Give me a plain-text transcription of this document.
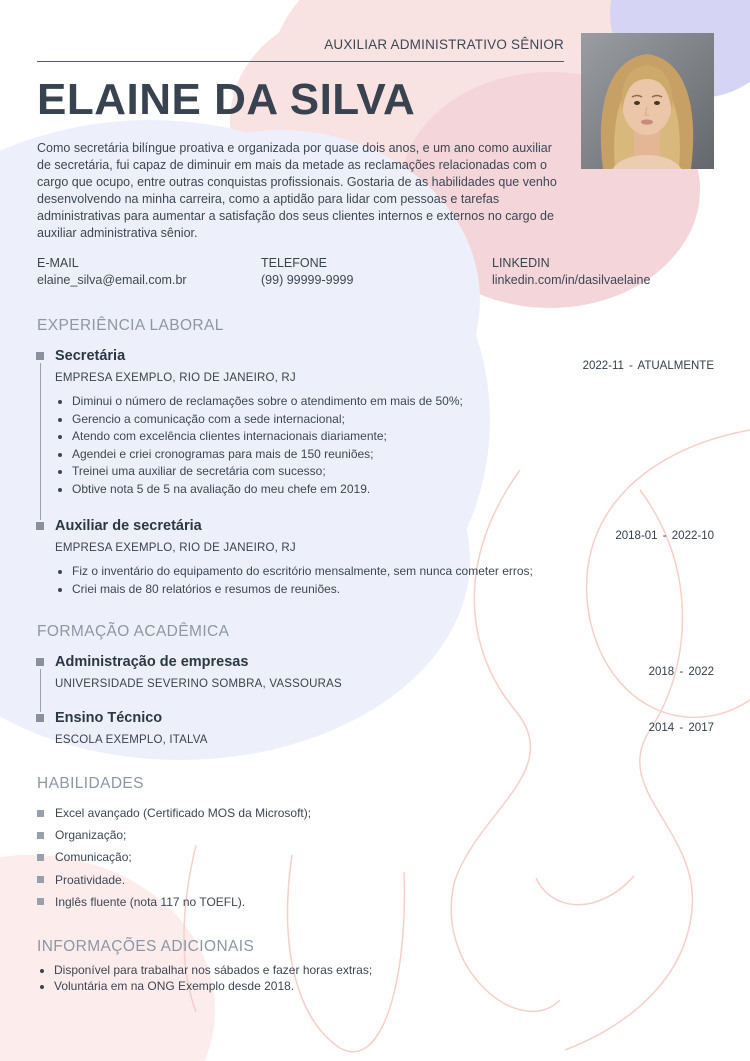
AUXILIAR ADMINISTRATIVO SÊNIOR
ELAINE DA SILVA

Como secretária bilíngue proativa e organizada por quase dois anos, e um ano como auxiliar de secretária, fui capaz de diminuir em mais da metade as reclamações relacionadas com o cargo que ocupo, entre outras conquistas profissionais. Gostaria de as habilidades que venho desenvolvendo na minha carreira, como a aptidão para lidar com pessoas e tarefas administrativas para aumentar a satisfação dos seus clientes internos e externos no cargo de auxiliar administrativa sênior.

E-MAIL
elaine_silva@email.com.br
TELEFONE
(99) 99999-9999
LINKEDIN
linkedin.com/in/dasilvaelaine
EXPERIÊNCIA LABORAL
Secretária
EMPRESA EXEMPLO, RIO DE JANEIRO, RJ
2022-11 - ATUALMENTE
• Diminui o número de reclamações sobre o atendimento em mais de 50%;
• Gerencio a comunicação com a sede internacional;
• Atendo com excelência clientes internacionais diariamente;
• Agendei e criei cronogramas para mais de 150 reuniões;
• Treinei uma auxiliar de secretária com sucesso;
• Obtive nota 5 de 5 na avaliação do meu chefe em 2019.
Auxiliar de secretária
EMPRESA EXEMPLO, RIO DE JANEIRO, RJ
2018-01 - 2022-10
• Fiz o inventário do equipamento do escritório mensalmente, sem nunca cometer erros;
• Criei mais de 80 relatórios e resumos de reuniões.
FORMAÇÃO ACADÊMICA
Administração de empresas
UNIVERSIDADE SEVERINO SOMBRA, VASSOURAS
2018 - 2022
Ensino Técnico
ESCOLA EXEMPLO, ITALVA
2014 - 2017
HABILIDADES
Excel avançado (Certificado MOS da Microsoft);
Organização;
Comunicação;
Proatividade.
Inglês fluente (nota 117 no TOEFL).
INFORMAÇÕES ADICIONAIS
• Disponível para trabalhar nos sábados e fazer horas extras;
• Voluntária em na ONG Exemplo desde 2018.
